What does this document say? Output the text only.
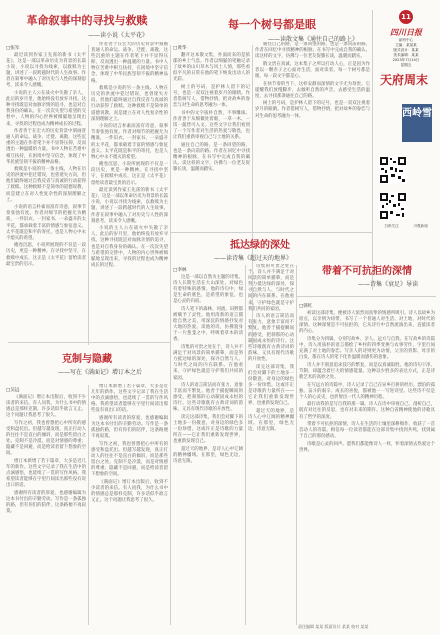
革命叙事中的寻找与救赎

——读小说《太平花》

□张军

最近读到作家王先霈的新书《太平花》，这是一部以革命历史为背景的长篇小说，小说以寻找为线索，以救赎为主题，讲述了一段跨越时代的人生故事。作者在叙事中融入了对历史与人性的深刻思考，读来令人感慨。

小说的主人公在战火中失散了亲人，此后的岁月里，他始终没有放弃寻找。这种寻找既是对血脉亲情的追寻，也是对自我身份的确认。在一次次失望与希望的交替中，人物的内心世界被细腻地呈现出来，寻找的过程也成为精神成长的过程。

作者善于在宏大的历史背景中刻画普通人的命运。战争、迁徙、离散，这些沉重的主题在作者笔下并不显得压抑，反而透出一种温暖的力量。书中人物在苦难中相互扶持，在困境中坚守信念，体现了中华民族坚韧不拔的精神品格。

救赎是小说的另一条主线。人物在历史的洪流中犯过错误，也曾迷失方向，但他们最终通过自我反省与真诚的行动获得了救赎。这种救赎不是简单的道德说教，而是建立在对人性复杂性的深刻理解之上。

小说的语言朴素而富有诗意，叙事节奏张弛有度。作者对细节的把握尤为精准，一件旧衣、一封家书、一朵盛开的太平花，都承载着丰富的情感与象征意义。太平花既是和平的寄托，也是人物心中永不熄灭的希望。

掩卷沉思，小说所展现的不仅是一段历史，更是一种精神。在寻找中坚守，在救赎中成长，这正是《太平花》留给读者最宝贵的启示。

作者善于在宏大的历史背景中刻画普通人的命运。战争、迁徙、离散，这些沉重的主题在作者笔下并不显得压抑，反而透出一种温暖的力量。书中人物在苦难中相互扶持，在困境中坚守信念，体现了中华民族坚韧不拔的精神品格。

救赎是小说的另一条主线。人物在历史的洪流中犯过错误，也曾迷失方向，但他们最终通过自我反省与真诚的行动获得了救赎。这种救赎不是简单的道德说教，而是建立在对人性复杂性的深刻理解之上。

小说的语言朴素而富有诗意，叙事节奏张弛有度。作者对细节的把握尤为精准，一件旧衣、一封家书、一朵盛开的太平花，都承载着丰富的情感与象征意义。太平花既是和平的寄托，也是人物心中永不熄灭的希望。

掩卷沉思，小说所展现的不仅是一段历史，更是一种精神。在寻找中坚守，在救赎中成长，这正是《太平花》留给读者最宝贵的启示。

最近读到作家王先霈的新书《太平花》，这是一部以革命历史为背景的长篇小说，小说以寻找为线索，以救赎为主题，讲述了一段跨越时代的人生故事。作者在叙事中融入了对历史与人性的深刻思考，读来令人感慨。

小说的主人公在战火中失散了亲人，此后的岁月里，他始终没有放弃寻找。这种寻找既是对血脉亲情的追寻，也是对自我身份的确认。在一次次失望与希望的交替中，人物的内心世界被细腻地呈现出来，寻找的过程也成为精神成长的过程。

每一个树号都是眼

——读散文集《通往自己的路上》

□黄华

翻开这本散文集，扑面而来的是浓郁的乡土气息。作者以细腻的笔触记录了故乡的山川草木与风土人情，那些看似平凡的日常在他的笔下焕发出动人的光彩。

树上的号码，是护林人留下的记号，也是一双双注视着岁月的眼睛。作者借树写人，借物抒情，把对故乡的眷恋与对生命的思考融为一体。

书中的文字质朴自然，不事雕琢。作者善于从细微处着眼，一草一木、一饭一蔬皆可入文。这些文字让我们看到了一个写作者对生活的热爱与敬畏，也让我们重新审视自己与土地的关系。

通往自己的路，是一条回望的路，也是一条向前的路。作者在回忆中寻找精神的根脉，在书写中完成自我的确认。读这样的文字，仿佛与一位老友促膝长谈，温暖而踏实。

通往自己的路，是一条回望的路，也是一条向前的路。作者在回忆中寻找精神的根脉，在书写中完成自我的确认。读这样的文字，仿佛与一位老友促膝长谈，温暖而踏实。

散文贵在真诚。这本集子之所以打动人心，正是因为作者以一颗赤子之心面对生活，面对读者。每一个树号都是眼，每一段文字都是心。

在快节奏的当下，这样安静而深情的文字尤为珍贵。它提醒我们放慢脚步，去倾听自然的声音，去感受生活的温度，去寻找那条通往自己的路。

树上的号码，是护林人留下的记号，也是一双双注视着岁月的眼睛。作者借树写人，借物抒情，把对故乡的眷恋与对生命的思考融为一体。

抵达绿的深处

——读诗集《超过天的地界》

□李林

这是一部以自然为主题的诗集。诗人长期生活在大山深处，对绿色有着特殊的感情。他的诗句中，绿是生命的底色，是希望的象征，也是心灵的归宿。

诗人笔下的森林、河流、田野都被赋予了灵性。他用清新的语言描绘自然之美，用深沉的情感抒发对大地的热爱。读他的诗，仿佛置身于一片葱茏之中，呼吸着草木的清香。

诗集的可贵之处在于，诗人并不满足于对风景的简单描摹，而是努力抵达绿的深处，探寻自然与人、与时代之间的内在联系。在他看来，守护绿色就是守护我们共同的家园。

诗人的语言简洁而有张力，意象丰富而不繁复。他善于捕捉瞬间的感受，把刹那的心动凝固成永恒的诗行。这些诗歌既有古典诗词的韵味，又具有现代诗歌的开放性。

读完这部诗集，我们会对脚下的土地多一份敬意，对身边的绿色多一份珍惜。这或许正是诗歌的力量所在——它让我们重新发现世界，也重新发现自己。

超过天的地界，是诗人心中辽阔的精神疆域。在那里，绿色无边，诗意无限。

诗集的可贵之处在于，诗人并不满足于对风景的简单描摹，而是努力抵达绿的深处，探寻自然与人、与时代之间的内在联系。在他看来，守护绿色就是守护我们共同的家园。

诗人的语言简洁而有张力，意象丰富而不繁复。他善于捕捉瞬间的感受，把刹那的心动凝固成永恒的诗行。这些诗歌既有古典诗词的韵味，又具有现代诗歌的开放性。

读完这部诗集，我们会对脚下的土地多一份敬意，对身边的绿色多一份珍惜。这或许正是诗歌的力量所在——它让我们重新发现世界，也重新发现自己。

超过天的地界，是诗人心中辽阔的精神疆域。在那里，绿色无边，诗意无限。

克制与隐藏

——写在《满面记》增订本之后

□吴远

《满面记》增订本出版后，收到不少读者的来信。有人问我，为什么书中的情感总是那样克制，许多话似乎欲言又止。这个问题让我思考了很久。

写作之初，我也曾想把心中所有的感受和盘托出。但越写越发现，真正打动人的往往不是直白的倾诉，而是那些留白之处。克制不是冷漠，而是对情感的尊重；隐藏不是回避，而是给读者留下想象的空间。

增订本新增了若干篇章，大多是近几年的新作。这些文字记录了我在生活中的点滴感悟，也延续了一贯的写作风格。我希望读者能够在字里行间读出那些没有说出口的话。

感谢所有读者的厚爱，也感谢编辑为这本书付出的辛勤劳动。写作是一条孤独的路，但有你们的陪伴，这条路便不再寂寞。

增订本新增了若干篇章，大多是近几年的新作。这些文字记录了我在生活中的点滴感悟，也延续了一贯的写作风格。我希望读者能够在字里行间读出那些没有说出口的话。

感谢所有读者的厚爱，也感谢编辑为这本书付出的辛勤劳动。写作是一条孤独的路，但有你们的陪伴，这条路便不再寂寞。

写作之初，我也曾想把心中所有的感受和盘托出。但越写越发现，真正打动人的往往不是直白的倾诉，而是那些留白之处。克制不是冷漠，而是对情感的尊重；隐藏不是回避，而是给读者留下想象的空间。

《满面记》增订本出版后，收到不少读者的来信。有人问我，为什么书中的情感总是那样克制，许多话似乎欲言又止。这个问题让我思考了很久。

11
四川日报
副刊中心
主编：某某某
版式设计：某某
美术编辑：某某
2023年7月14日
星期五
天府周末
西岭雪

扫码关注	川观新闻
带着不可抗拒的深情

——诗集《衰足》导读

□韩红

初读这部诗集，便被诗人浓烈而真挚的情感所吸引。诗人以故乡为原点，以亲情为纽带，书写了一个普通人对生活、对土地、对时代的深情。这种深情是不可抗拒的，它从诗行中自然流淌出来，直抵读者的内心。

诗集分为四辑，分别写故乡、亲人、远方与自我。在写故乡的诗篇中，诗人用质朴的语言描绘了乡村的四季变换与农事劳作，字里行间充满了对土地的眷恋。写亲人的诗则更为动情，父亲的背影、母亲的白发，都在诗人的笔下化作温暖而感伤的意象。

诗人并不刻意追求技巧的繁复，而是以真诚取胜。他的诗句干净、节制，却蕴含着巨大的情感能量。这种以少胜多的表达方式，正是诗歌艺术的高妙之处。

在写远方的诗篇中，诗人记录了自己在异乡打拼的经历。漂泊的孤独、奋斗的艰辛、成长的喜悦，都被他一一写进诗里。这些诗不仅是个人的心灵史，也折射出一代人的精神历程。

最打动我的是写自我的那一辑。诗人在诗中审视自己、剖析自己，既有对过往的反思，也有对未来的期许。这种自省精神使他的诗歌具有了哲学的深度。

带着不可抗拒的深情，诗人在生活的土壤里深耕细作，收获了一首首动人的诗篇。相信每一位读者都能在这部诗集中找到共鸣，找到属于自己的那份感动。

诗歌是心灵的回声。愿我们都能像诗人一样，怀着深情去热爱这个世界。

责任编辑 某某 版面设计 某某 校对 某某
